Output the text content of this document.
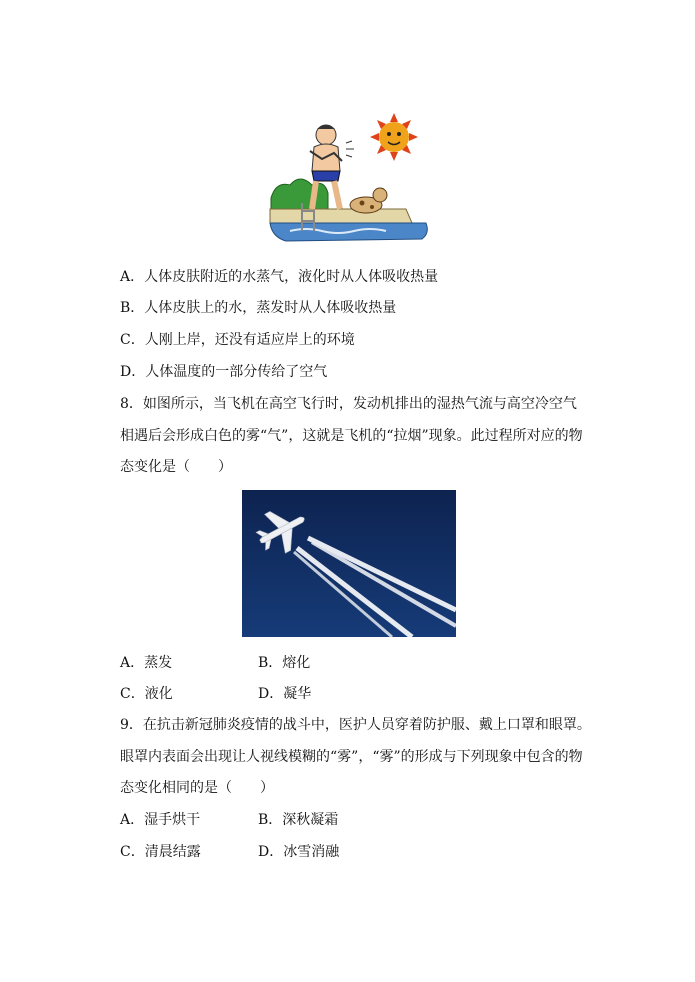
A．人体皮肤附近的水蒸气，液化时从人体吸收热量
B．人体皮肤上的水，蒸发时从人体吸收热量
C．人刚上岸，还没有适应岸上的环境
D．人体温度的一部分传给了空气
8．如图所示，当飞机在高空飞行时，发动机排出的湿热气流与高空冷空气
相遇后会形成白色的雾“气”，这就是飞机的“拉烟”现象。此过程所对应的物
态变化是（　　）
A．蒸发	B．熔化
C．液化	D．凝华
9．在抗击新冠肺炎疫情的战斗中，医护人员穿着防护服、戴上口罩和眼罩。
眼罩内表面会出现让人视线模糊的“雾”，“雾”的形成与下列现象中包含的物
态变化相同的是（　　）
A．湿手烘干	B．深秋凝霜
C．清晨结露	D．冰雪消融
